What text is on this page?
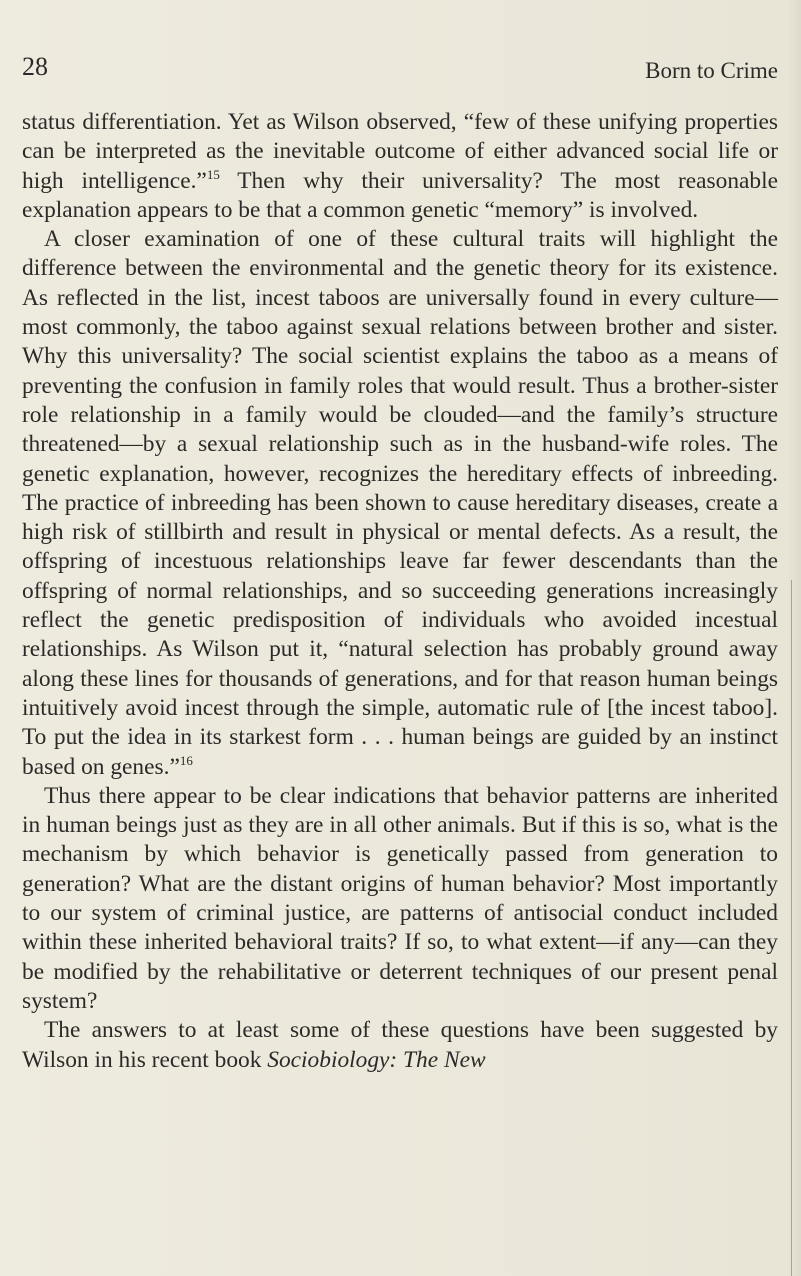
28	Born to Crime

status differentiation. Yet as Wilson observed, “few of these unifying properties can be interpreted as the inevitable outcome of either advanced social life or high intelligence.”$^{15}$ Then why their universality? The most reasonable explanation appears to be that a common genetic “memory” is involved.

A closer examination of one of these cultural traits will highlight the difference between the environmental and the genetic theory for its existence. As reflected in the list, incest taboos are universally found in every culture—most commonly, the taboo against sexual relations between brother and sister. Why this universality? The social scientist explains the taboo as a means of preventing the confusion in family roles that would result. Thus a brother-sister role relationship in a family would be clouded—and the family’s structure threatened—by a sexual relationship such as in the husband-wife roles. The genetic explanation, however, recognizes the hereditary effects of inbreeding. The practice of inbreeding has been shown to cause hereditary diseases, create a high risk of stillbirth and result in physical or mental defects. As a result, the offspring of incestuous relationships leave far fewer descendants than the offspring of normal relationships, and so succeeding generations increasingly reflect the genetic predisposition of individuals who avoided incestual relationships. As Wilson put it, “natural selection has probably ground away along these lines for thousands of generations, and for that reason human beings intuitively avoid incest through the simple, automatic rule of [the incest taboo]. To put the idea in its starkest form . . . human beings are guided by an instinct based on genes.”$^{16}$

Thus there appear to be clear indications that behavior patterns are inherited in human beings just as they are in all other animals. But if this is so, what is the mechanism by which behavior is genetically passed from generation to generation? What are the distant origins of human behavior? Most importantly to our system of criminal justice, are patterns of antisocial conduct included within these inherited behavioral traits? If so, to what extent—if any—can they be modified by the rehabilitative or deterrent techniques of our present penal system?

The answers to at least some of these questions have been suggested by Wilson in his recent book Sociobiology: The New
